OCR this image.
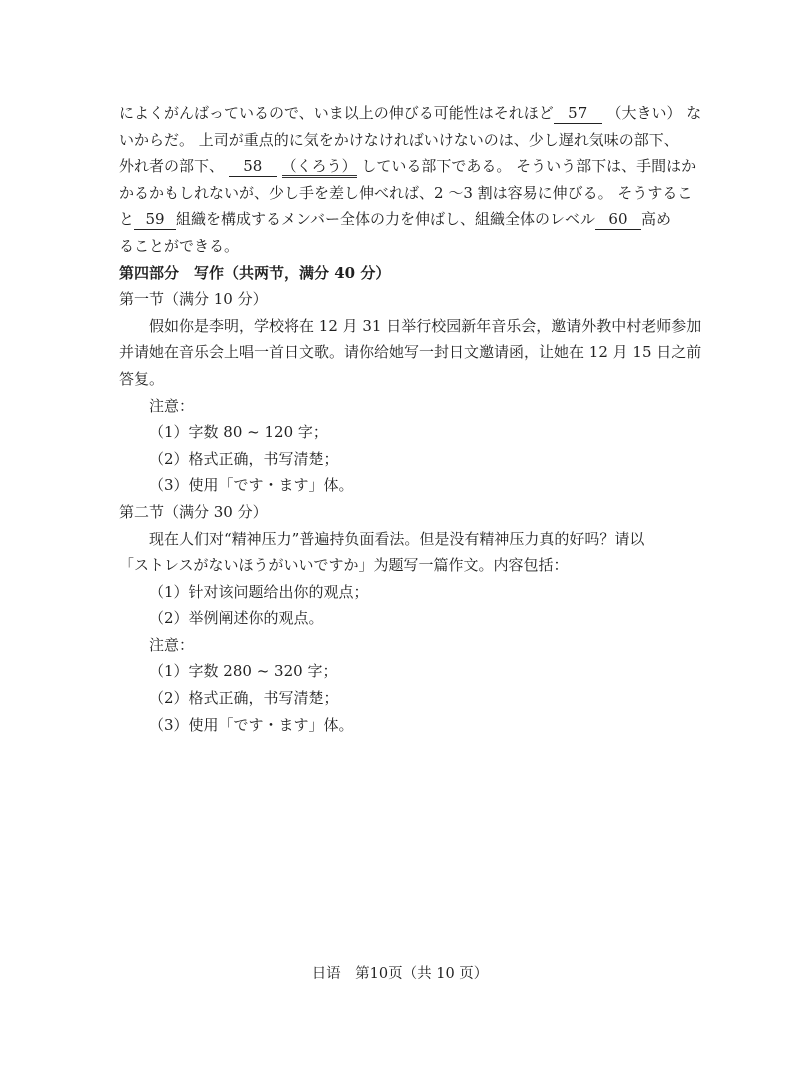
によくがんばっているので、いま以上の伸びる可能性はそれほど 57 （大きい） な
いからだ。 上司が重点的に気をかけなければいけないのは、少し遅れ気味の部下、
外れ者の部下、 58 （くろう） している部下である。 そういう部下は、手間はか
かるかもしれないが、少し手を差し伸べれば、2 ～3 割は容易に伸びる。 そうするこ
と 59 組織を構成するメンバー全体の力を伸ばし、組織全体のレベル 60 高め
ることができる。
第四部分　写作（共两节，满分 40 分）
第一节（满分 10 分）
假如你是李明，学校将在 12 月 31 日举行校园新年音乐会，邀请外教中村老师参加
并请她在音乐会上唱一首日文歌。请你给她写一封日文邀请函，让她在 12 月 15 日之前
答复。
注意：
（1）字数 80 ~ 120 字；
（2）格式正确，书写清楚；
（3）使用「です・ます」体。
第二节（满分 30 分）
现在人们对“精神压力”普遍持负面看法。但是没有精神压力真的好吗？请以
「ストレスがないほうがいいですか」为题写一篇作文。内容包括：
（1）针对该问题给出你的观点；
（2）举例阐述你的观点。
注意：
（1）字数 280 ~ 320 字；
（2）格式正确，书写清楚；
（3）使用「です・ます」体。
日语　第10页（共 10 页）
